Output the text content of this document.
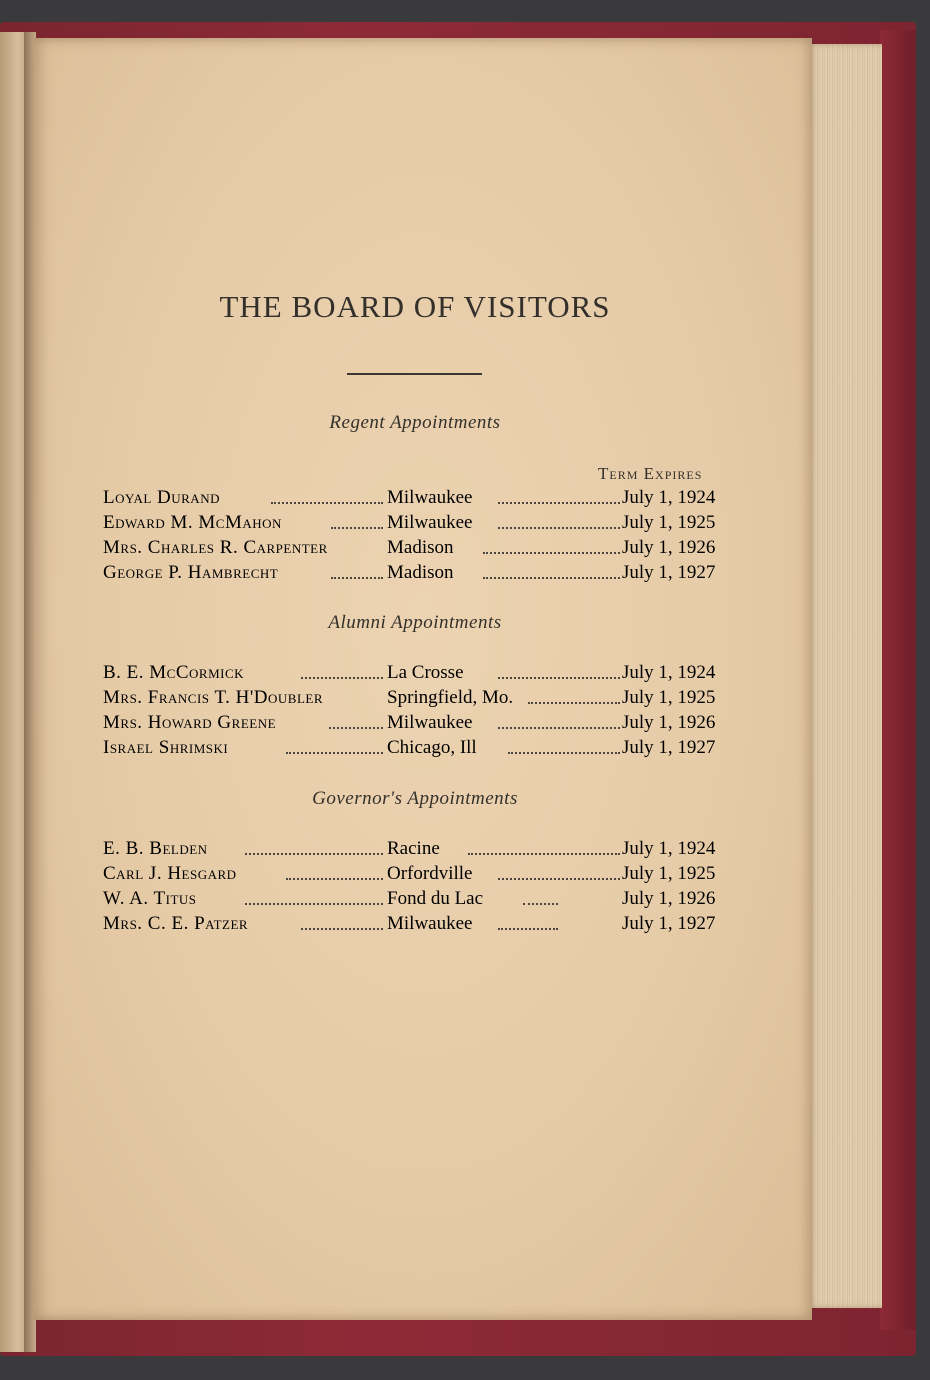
THE BOARD OF VISITORS
Regent Appointments
Term Expires
Loyal Durand	Milwaukee	July 1, 1924
Edward M. McMahon	Milwaukee	July 1, 1925
Mrs. Charles R. Carpenter	Madison	July 1, 1926
George P. Hambrecht	Madison	July 1, 1927
Alumni Appointments
B. E. McCormick	La Crosse	July 1, 1924
Mrs. Francis T. H'Doubler	Springfield, Mo.	July 1, 1925
Mrs. Howard Greene	Milwaukee	July 1, 1926
Israel Shrimski	Chicago, Ill	July 1, 1927
Governor's Appointments
E. B. Belden	Racine	July 1, 1924
Carl J. Hesgard	Orfordville	July 1, 1925
W. A. Titus	Fond du Lac	July 1, 1926
Mrs. C. E. Patzer	Milwaukee	July 1, 1927
